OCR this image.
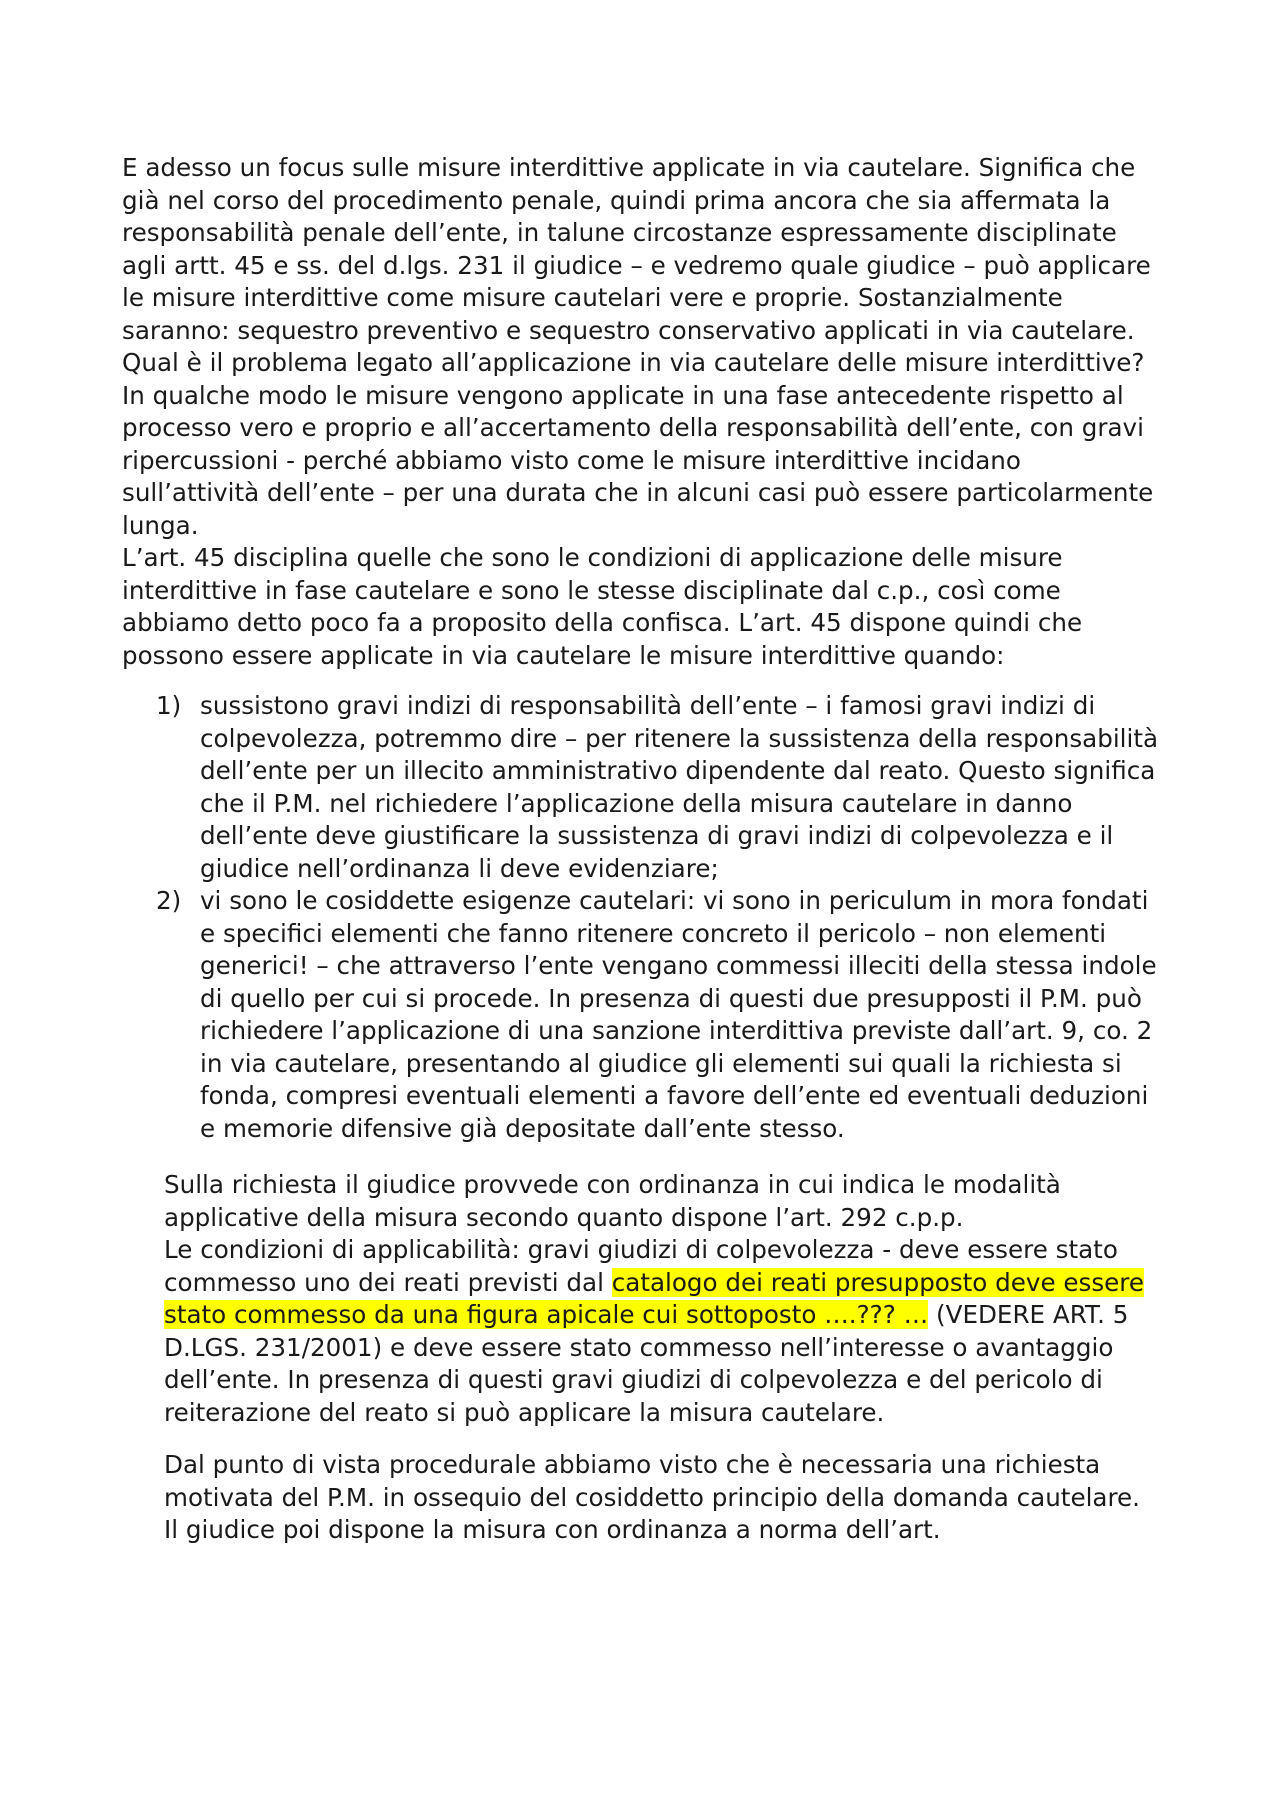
E adesso un focus sulle misure interdittive applicate in via cautelare. Significa che già nel corso del procedimento penale, quindi prima ancora che sia affermata la responsabilità penale dell’ente, in talune circostanze espressamente disciplinate agli artt. 45 e ss. del d.lgs. 231 il giudice – e vedremo quale giudice – può applicare le misure interdittive come misure cautelari vere e proprie. Sostanzialmente saranno: sequestro preventivo e sequestro conservativo applicati in via cautelare.

Qual è il problema legato all’applicazione in via cautelare delle misure interdittive? In qualche modo le misure vengono applicate in una fase antecedente rispetto al processo vero e proprio e all’accertamento della responsabilità dell’ente, con gravi ripercussioni - perché abbiamo visto come le misure interdittive incidano sull’attività dell’ente – per una durata che in alcuni casi può essere particolarmente lunga.

L’art. 45 disciplina quelle che sono le condizioni di applicazione delle misure interdittive in fase cautelare e sono le stesse disciplinate dal c.p., così come abbiamo detto poco fa a proposito della confisca. L’art. 45 dispone quindi che possono essere applicate in via cautelare le misure interdittive quando:

1) sussistono gravi indizi di responsabilità dell’ente – i famosi gravi indizi di colpevolezza, potremmo dire – per ritenere la sussistenza della responsabilità dell’ente per un illecito amministrativo dipendente dal reato. Questo significa che il P.M. nel richiedere l’applicazione della misura cautelare in danno dell’ente deve giustificare la sussistenza di gravi indizi di colpevolezza e il giudice nell’ordinanza li deve evidenziare;
2) vi sono le cosiddette esigenze cautelari: vi sono in periculum in mora fondati e specifici elementi che fanno ritenere concreto il pericolo – non elementi generici! – che attraverso l’ente vengano commessi illeciti della stessa indole di quello per cui si procede. In presenza di questi due presupposti il P.M. può richiedere l’applicazione di una sanzione interdittiva previste dall’art. 9, co. 2 in via cautelare, presentando al giudice gli elementi sui quali la richiesta si fonda, compresi eventuali elementi a favore dell’ente ed eventuali deduzioni e memorie difensive già depositate dall’ente stesso.

Sulla richiesta il giudice provvede con ordinanza in cui indica le modalità applicative della misura secondo quanto dispone l’art. 292 c.p.p.

Le condizioni di applicabilità: gravi giudizi di colpevolezza - deve essere stato commesso uno dei reati previsti dal catalogo dei reati presupposto deve essere stato commesso da una figura apicale cui sottoposto ….??? … (VEDERE ART. 5 D.LGS. 231/2001) e deve essere stato commesso nell’interesse o avantaggio dell’ente. In presenza di questi gravi giudizi di colpevolezza e del pericolo di reiterazione del reato si può applicare la misura cautelare.

Dal punto di vista procedurale abbiamo visto che è necessaria una richiesta motivata del P.M. in ossequio del cosiddetto principio della domanda cautelare. Il giudice poi dispone la misura con ordinanza a norma dell’art.
